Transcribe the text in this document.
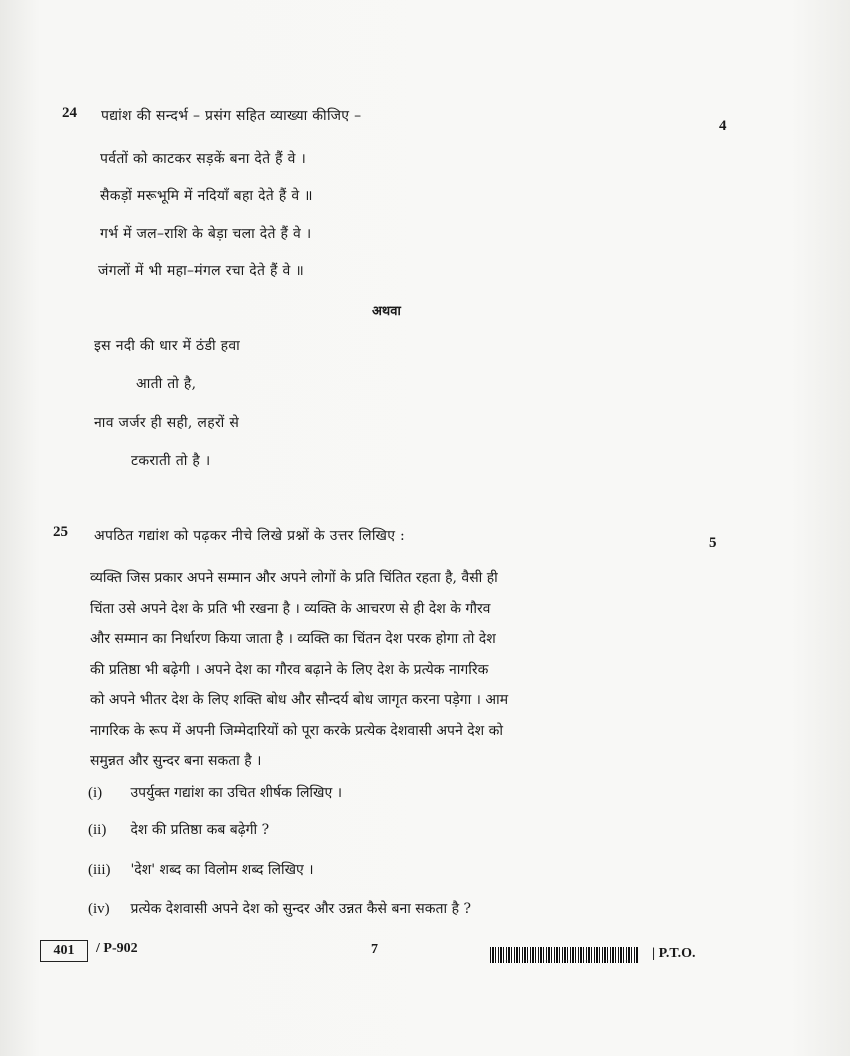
24 पद्यांश की सन्दर्भ – प्रसंग सहित व्याख्या कीजिए –
4
पर्वतों को काटकर सड़कें बना देते हैं वे ।
सैकड़ों मरूभूमि में नदियाँ बहा देते हैं वे ॥
गर्भ में जल–राशि के बेड़ा चला देते हैं वे ।
जंगलों में भी महा–मंगल रचा देते हैं वे ॥
अथवा
इस नदी की धार में ठंडी हवा
आती तो है,
नाव जर्जर ही सही, लहरों से
टकराती तो है ।
25 अपठित गद्यांश को पढ़कर नीचे लिखे प्रश्नों के उत्तर लिखिए :	5
व्यक्ति जिस प्रकार अपने सम्मान और अपने लोगों के प्रति चिंतित रहता है, वैसी ही
चिंता उसे अपने देश के प्रति भी रखना है । व्यक्ति के आचरण से ही देश के गौरव
और सम्मान का निर्धारण किया जाता है । व्यक्ति का चिंतन देश परक होगा तो देश
की प्रतिष्ठा भी बढ़ेगी । अपने देश का गौरव बढ़ाने के लिए देश के प्रत्येक नागरिक
को अपने भीतर देश के लिए शक्ति बोध और सौन्दर्य बोध जागृत करना पड़ेगा । आम
नागरिक के रूप में अपनी जिम्मेदारियों को पूरा करके प्रत्येक देशवासी अपने देश को
समुन्नत और सुन्दर बना सकता है ।
(i) उपर्युक्त गद्यांश का उचित शीर्षक लिखिए ।
(ii) देश की प्रतिष्ठा कब बढ़ेगी ?
(iii) 'देश' शब्द का विलोम शब्द लिखिए ।
(iv) प्रत्येक देशवासी अपने देश को सुन्दर और उन्नत कैसे बना सकता है ?
401	/ P-902	7	| P.T.O.
